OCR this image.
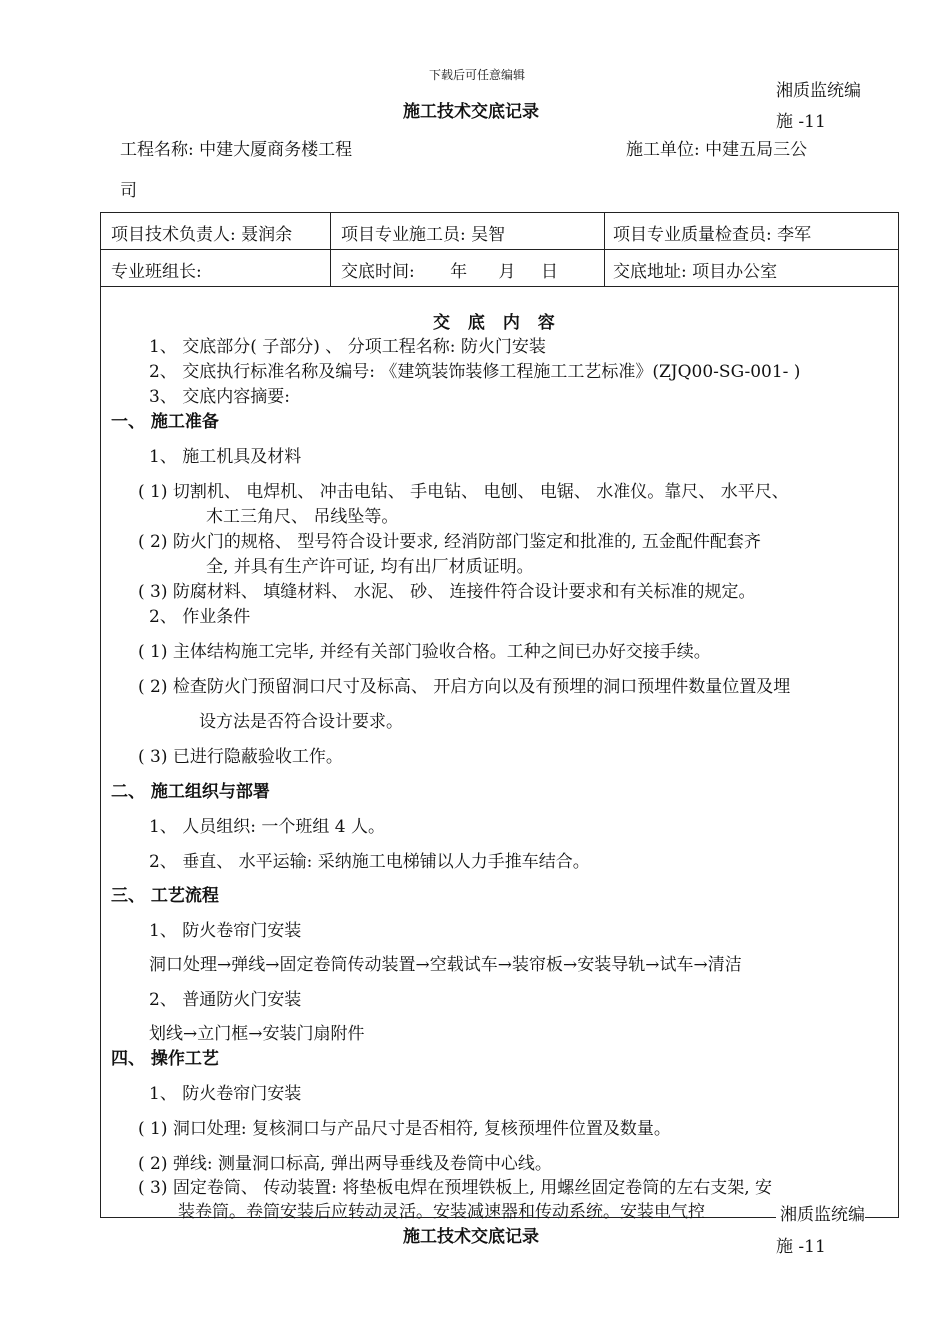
下载后可任意编辑
湘质监统编
施 -11
施工技术交底记录
工程名称: 中建大厦商务楼工程	施工单位: 中建五局三公
司
项目技术负责人: 聂润余	项目专业施工员: 吴智	项目专业质量检查员: 李军
专业班组长:	交底时间: 年 月 日	交底地址: 项目办公室
交 底 内 容
1、 交底部分( 子部分) 、 分项工程名称: 防火门安装
2、 交底执行标准名称及编号: 《建筑装饰装修工程施工工艺标准》(ZJQ00-SG-001- )
3、 交底内容摘要:
一、 施工准备
1、 施工机具及材料
( 1) 切割机、 电焊机、 冲击电钻、 手电钻、 电刨、 电锯、 水准仪。靠尺、 水平尺、
木工三角尺、 吊线坠等。
( 2) 防火门的规格、 型号符合设计要求, 经消防部门鉴定和批准的, 五金配件配套齐
全, 并具有生产许可证, 均有出厂材质证明。
( 3) 防腐材料、 填缝材料、 水泥、 砂、 连接件符合设计要求和有关标准的规定。
2、 作业条件
( 1) 主体结构施工完毕, 并经有关部门验收合格。工种之间已办好交接手续。
( 2) 检查防火门预留洞口尺寸及标高、 开启方向以及有预埋的洞口预埋件数量位置及埋
设方法是否符合设计要求。
( 3) 已进行隐蔽验收工作。
二、 施工组织与部署
1、 人员组织: 一个班组 4 人。
2、 垂直、 水平运输: 采纳施工电梯铺以人力手推车结合。
三、 工艺流程
1、 防火卷帘门安装
洞口处理→弹线→固定卷筒传动装置→空载试车→装帘板→安装导轨→试车→清洁
2、 普通防火门安装
划线→立门框→安装门扇附件
四、 操作工艺
1、 防火卷帘门安装
( 1) 洞口处理: 复核洞口与产品尺寸是否相符, 复核预埋件位置及数量。
( 2) 弹线: 测量洞口标高, 弹出两导垂线及卷筒中心线。
( 3) 固定卷筒、 传动装置: 将垫板电焊在预埋铁板上, 用螺丝固定卷筒的左右支架, 安
装卷筒。卷筒安装后应转动灵活。安装减速器和传动系统。安装电气控	湘质监统编
施工技术交底记录	施 -11
